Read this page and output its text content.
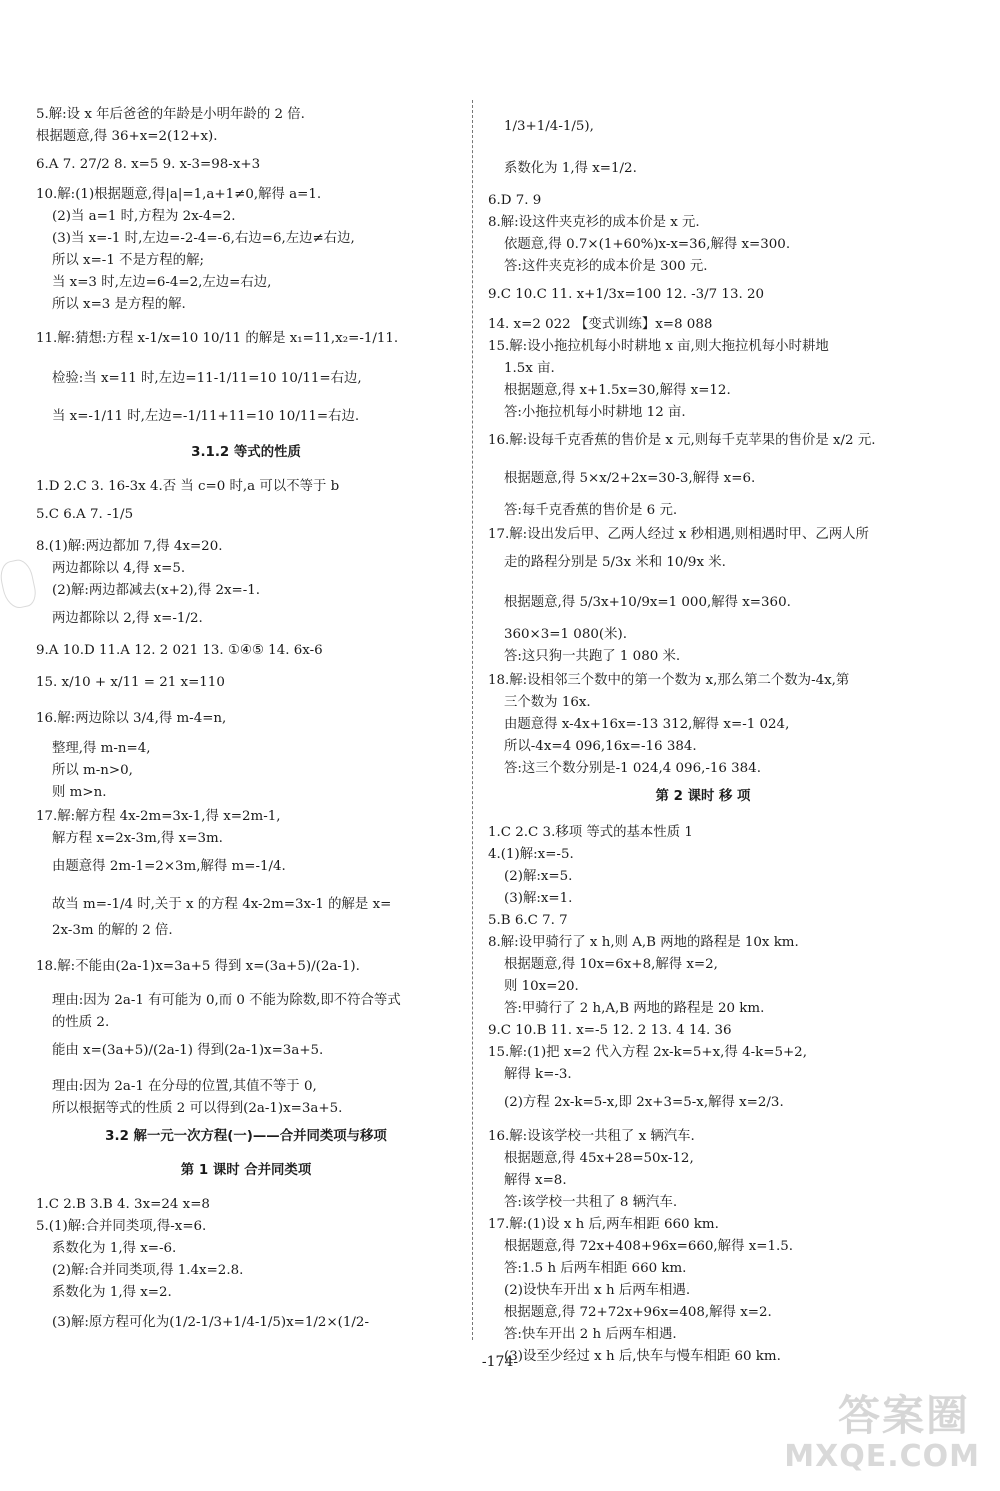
3.1.2 等式的性质
3.2 解一元一次方程(一)——合并同类项与移项
第 1 课时 合并同类项
5.解:设 x 年后爸爸的年龄是小明年龄的 2 倍.
根据题意,得 36+x=2(12+x).
6.A 7. 27/2 8. x=5 9. x-3=98-x+3
10.解:(1)根据题意,得|a|=1,a+1≠0,解得 a=1.
(2)当 a=1 时,方程为 2x-4=2.
(3)当 x=-1 时,左边=-2-4=-6,右边=6,左边≠右边,
所以 x=-1 不是方程的解;
当 x=3 时,左边=6-4=2,左边=右边,
所以 x=3 是方程的解.
11.解:猜想:方程 x-1/x=10 10/11 的解是 x₁=11,x₂=-1/11.
检验:当 x=11 时,左边=11-1/11=10 10/11=右边,
当 x=-1/11 时,左边=-1/11+11=10 10/11=右边.
1.D 2.C 3. 16-3x 4.否 当 c=0 时,a 可以不等于 b
5.C 6.A 7. -1/5
8.(1)解:两边都加 7,得 4x=20.
两边都除以 4,得 x=5.
(2)解:两边都减去(x+2),得 2x=-1.
两边都除以 2,得 x=-1/2.
9.A 10.D 11.A 12. 2 021 13. ①④⑤ 14. 6x-6
15. x/10 + x/11 = 21 x=110
16.解:两边除以 3/4,得 m-4=n,
整理,得 m-n=4,
所以 m-n>0,
则 m>n.
17.解:解方程 4x-2m=3x-1,得 x=2m-1,
解方程 x=2x-3m,得 x=3m.
由题意得 2m-1=2×3m,解得 m=-1/4.
故当 m=-1/4 时,关于 x 的方程 4x-2m=3x-1 的解是 x=
2x-3m 的解的 2 倍.
18.解:不能由(2a-1)x=3a+5 得到 x=(3a+5)/(2a-1).
理由:因为 2a-1 有可能为 0,而 0 不能为除数,即不符合等式
的性质 2.
能由 x=(3a+5)/(2a-1) 得到(2a-1)x=3a+5.
理由:因为 2a-1 在分母的位置,其值不等于 0,
所以根据等式的性质 2 可以得到(2a-1)x=3a+5.
1.C 2.B 3.B 4. 3x=24 x=8
5.(1)解:合并同类项,得-x=6.
系数化为 1,得 x=-6.
(2)解:合并同类项,得 1.4x=2.8.
系数化为 1,得 x=2.
(3)解:原方程可化为(1/2-1/3+1/4-1/5)x=1/2×(1/2-
第 2 课时 移 项
1/3+1/4-1/5),
系数化为 1,得 x=1/2.
6.D 7. 9
8.解:设这件夹克衫的成本价是 x 元.
依题意,得 0.7×(1+60%)x-x=36,解得 x=300.
答:这件夹克衫的成本价是 300 元.
9.C 10.C 11. x+1/3x=100 12. -3/7 13. 20
14. x=2 022 【变式训练】x=8 088
15.解:设小拖拉机每小时耕地 x 亩,则大拖拉机每小时耕地
1.5x 亩.
根据题意,得 x+1.5x=30,解得 x=12.
答:小拖拉机每小时耕地 12 亩.
16.解:设每千克香蕉的售价是 x 元,则每千克苹果的售价是 x/2 元.
根据题意,得 5×x/2+2x=30-3,解得 x=6.
答:每千克香蕉的售价是 6 元.
17.解:设出发后甲、乙两人经过 x 秒相遇,则相遇时甲、乙两人所
走的路程分别是 5/3x 米和 10/9x 米.
根据题意,得 5/3x+10/9x=1 000,解得 x=360.
360×3=1 080(米).
答:这只狗一共跑了 1 080 米.
18.解:设相邻三个数中的第一个数为 x,那么第二个数为-4x,第
三个数为 16x.
由题意得 x-4x+16x=-13 312,解得 x=-1 024,
所以-4x=4 096,16x=-16 384.
答:这三个数分别是-1 024,4 096,-16 384.
1.C 2.C 3.移项 等式的基本性质 1
4.(1)解:x=-5.
(2)解:x=5.
(3)解:x=1.
5.B 6.C 7. 7
8.解:设甲骑行了 x h,则 A,B 两地的路程是 10x km.
根据题意,得 10x=6x+8,解得 x=2,
则 10x=20.
答:甲骑行了 2 h,A,B 两地的路程是 20 km.
9.C 10.B 11. x=-5 12. 2 13. 4 14. 36
15.解:(1)把 x=2 代入方程 2x-k=5+x,得 4-k=5+2,
解得 k=-3.
(2)方程 2x-k=5-x,即 2x+3=5-x,解得 x=2/3.
16.解:设该学校一共租了 x 辆汽车.
根据题意,得 45x+28=50x-12,
解得 x=8.
答:该学校一共租了 8 辆汽车.
17.解:(1)设 x h 后,两车相距 660 km.
根据题意,得 72x+408+96x=660,解得 x=1.5.
答:1.5 h 后两车相距 660 km.
(2)设快车开出 x h 后两车相遇.
根据题意,得 72+72x+96x=408,解得 x=2.
答:快车开出 2 h 后两车相遇.
(3)设至少经过 x h 后,快车与慢车相距 60 km.
-174-
答案圈
MXQE.COM
